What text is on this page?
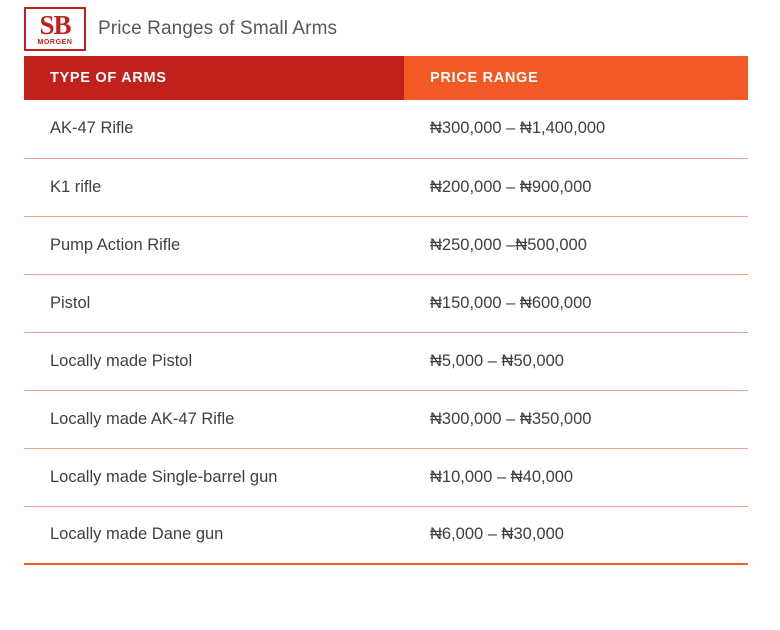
SB
MORGEN
Price Ranges of Small Arms
TYPE OF ARMS	PRICE RANGE
AK-47 Rifle	₦300,000 – ₦1,400,000
K1 rifle	₦200,000 – ₦900,000
Pump Action Rifle	₦250,000 –₦500,000
Pistol	₦150,000 – ₦600,000
Locally made Pistol	₦5,000 – ₦50,000
Locally made AK-47 Rifle	₦300,000 – ₦350,000
Locally made Single-barrel gun	₦10,000 – ₦40,000
Locally made Dane gun	₦6,000 – ₦30,000
